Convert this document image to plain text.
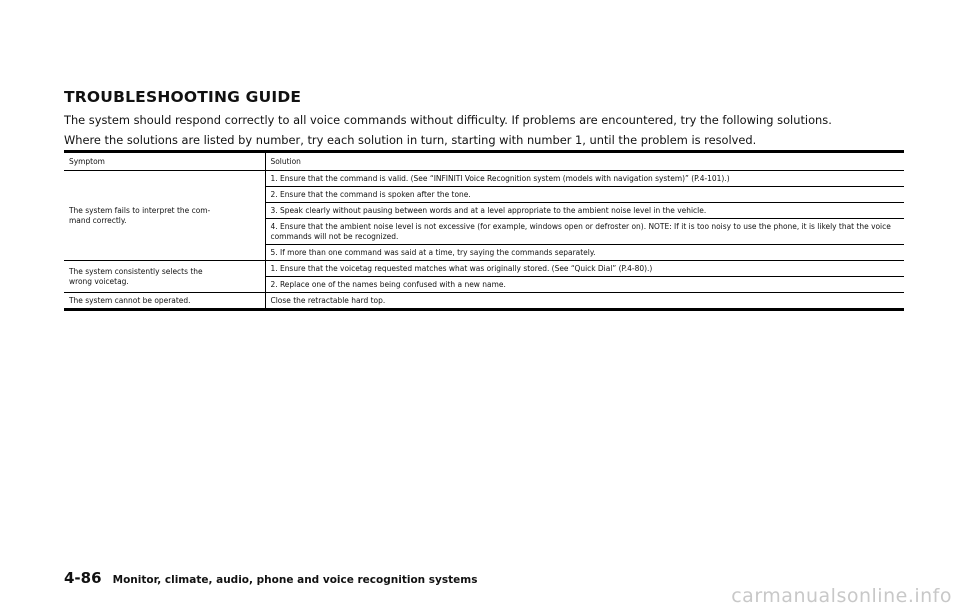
TROUBLESHOOTING GUIDE

The system should respond correctly to all voice commands without difficulty. If problems are encountered, try the following solutions.

Where the solutions are listed by number, try each solution in turn, starting with number 1, until the problem is resolved.

Symptom	Solution
The system fails to interpret the com-
mand correctly.	1. Ensure that the command is valid. (See “INFINITI Voice Recognition system (models with navigation system)” (P.4-101).)
	2. Ensure that the command is spoken after the tone.
	3. Speak clearly without pausing between words and at a level appropriate to the ambient noise level in the vehicle.
	4. Ensure that the ambient noise level is not excessive (for example, windows open or defroster on). NOTE: If it is too noisy to use the phone, it is likely that the voice commands will not be recognized.
	5. If more than one command was said at a time, try saying the commands separately.
The system consistently selects the
wrong voicetag.	1. Ensure that the voicetag requested matches what was originally stored. (See “Quick Dial” (P.4-80).)
	2. Replace one of the names being confused with a new name.
The system cannot be operated.	Close the retractable hard top.
4-86 Monitor, climate, audio, phone and voice recognition systems
carmanualsonline.info
